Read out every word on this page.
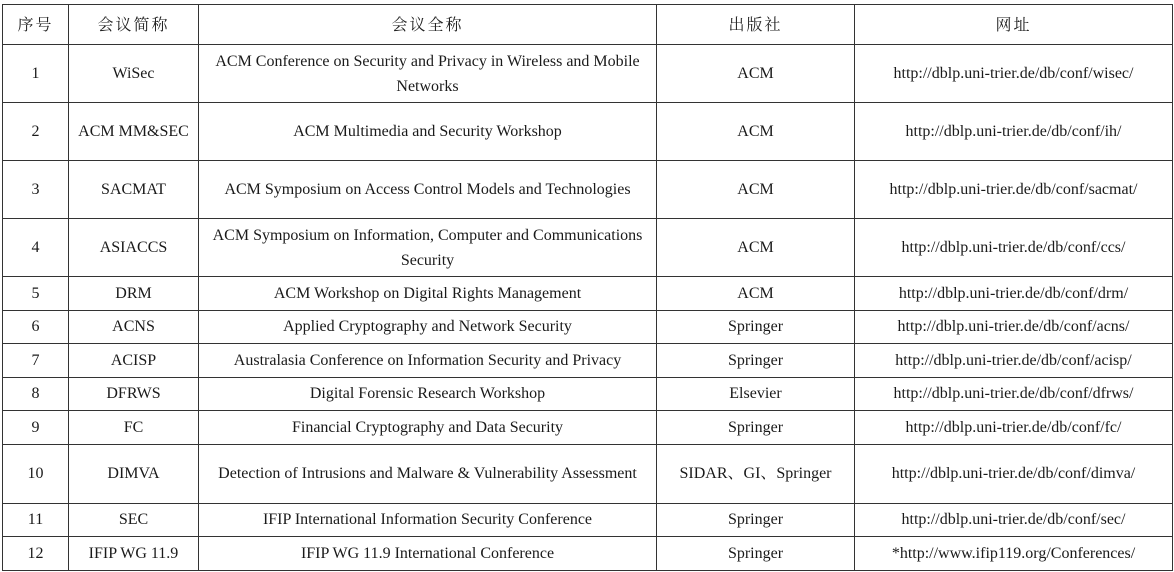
序号	会议简称	会议全称	出版社	网址
1	WiSec	ACM Conference on Security and Privacy in Wireless and Mobile Networks	ACM	http://dblp.uni-trier.de/db/conf/wisec/
2	ACM MM&SEC	ACM Multimedia and Security Workshop	ACM	http://dblp.uni-trier.de/db/conf/ih/
3	SACMAT	ACM Symposium on Access Control Models and Technologies	ACM	http://dblp.uni-trier.de/db/conf/sacmat/
4	ASIACCS	ACM Symposium on Information, Computer and Communications Security	ACM	http://dblp.uni-trier.de/db/conf/ccs/
5	DRM	ACM Workshop on Digital Rights Management	ACM	http://dblp.uni-trier.de/db/conf/drm/
6	ACNS	Applied Cryptography and Network Security	Springer	http://dblp.uni-trier.de/db/conf/acns/
7	ACISP	Australasia Conference on Information Security and Privacy	Springer	http://dblp.uni-trier.de/db/conf/acisp/
8	DFRWS	Digital Forensic Research Workshop	Elsevier	http://dblp.uni-trier.de/db/conf/dfrws/
9	FC	Financial Cryptography and Data Security	Springer	http://dblp.uni-trier.de/db/conf/fc/
10	DIMVA	Detection of Intrusions and Malware & Vulnerability Assessment	SIDAR、GI、Springer	http://dblp.uni-trier.de/db/conf/dimva/
11	SEC	IFIP International Information Security Conference	Springer	http://dblp.uni-trier.de/db/conf/sec/
12	IFIP WG 11.9	IFIP WG 11.9 International Conference	Springer	*http://www.ifip119.org/Conferences/
